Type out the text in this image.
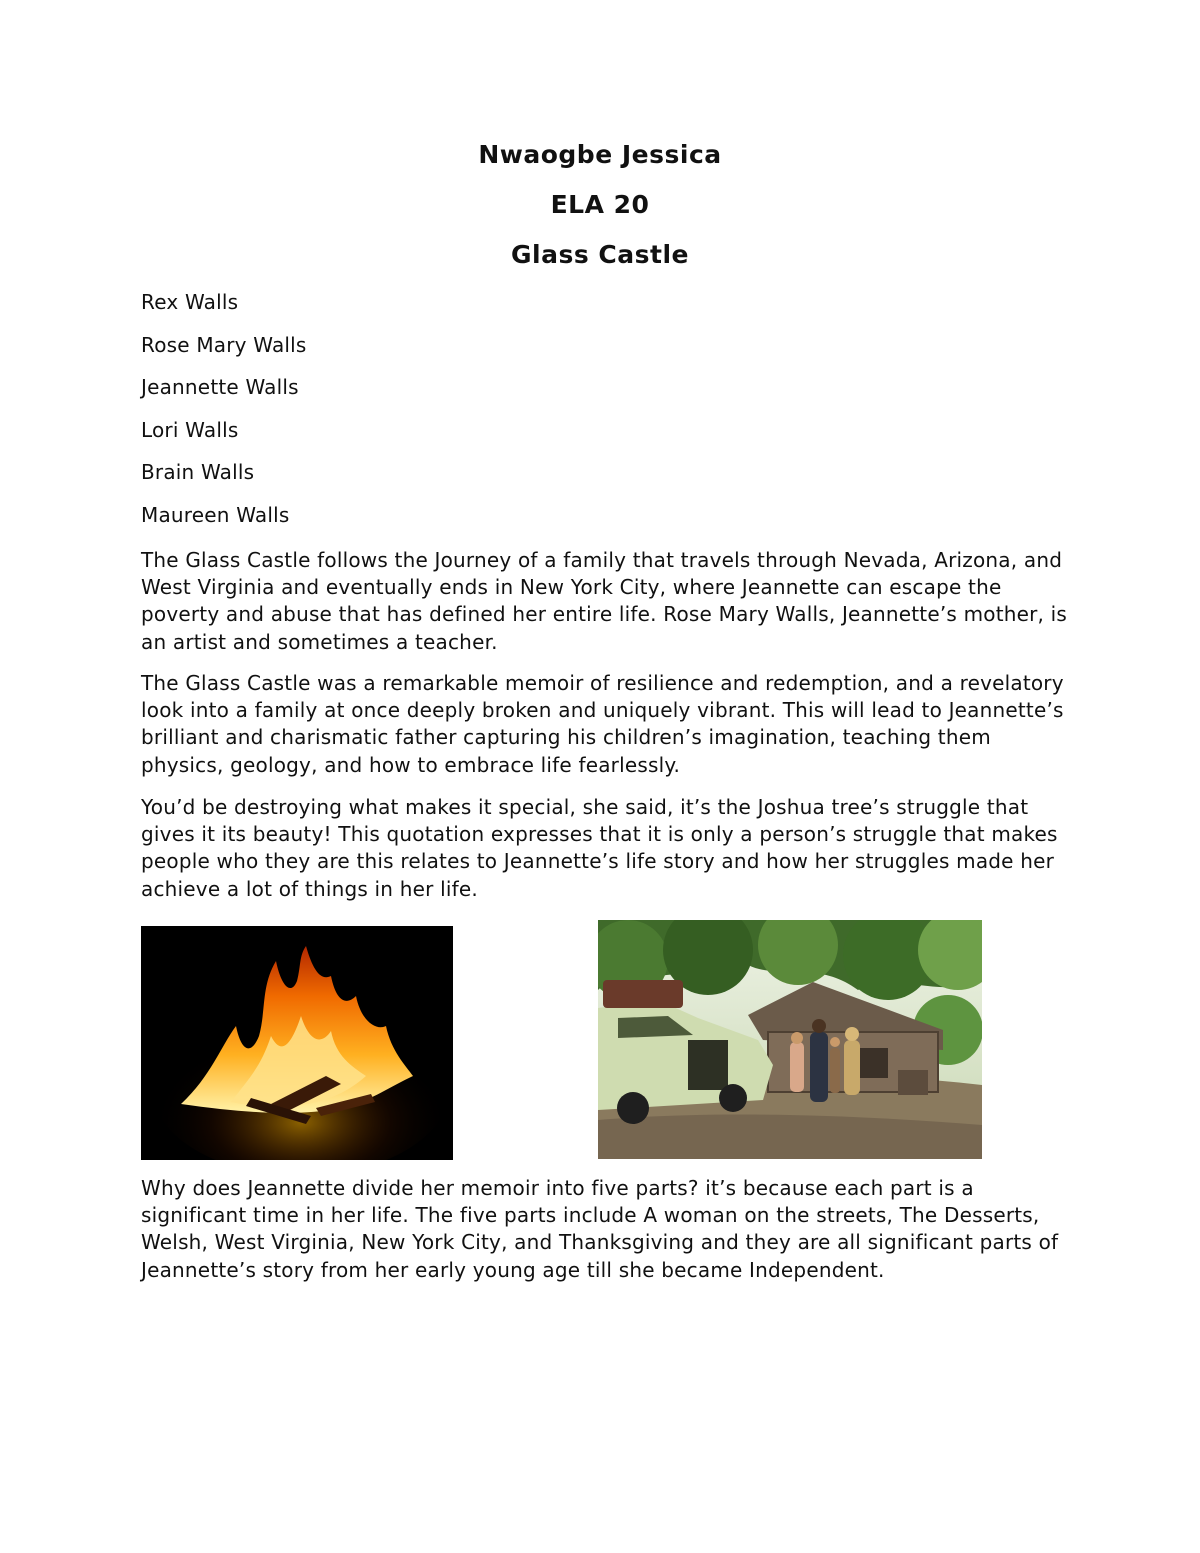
Nwaogbe Jessica

ELA 20

Glass Castle

Rex Walls
Rose Mary Walls
Jeannette Walls
Lori Walls
Brain Walls
Maureen Walls

The Glass Castle follows the Journey of a family that travels through Nevada, Arizona, and West Virginia and eventually ends in New York City, where Jeannette can escape the poverty and abuse that has defined her entire life. Rose Mary Walls, Jeannette’s mother, is an artist and sometimes a teacher.

The Glass Castle was a remarkable memoir of resilience and redemption, and a revelatory look into a family at once deeply broken and uniquely vibrant. This will lead to Jeannette’s brilliant and charismatic father capturing his children’s imagination, teaching them physics, geology, and how to embrace life fearlessly.

You’d be destroying what makes it special, she said, it’s the Joshua tree’s struggle that gives it its beauty! This quotation expresses that it is only a person’s struggle that makes people who they are this relates to Jeannette’s life story and how her struggles made her achieve a lot of things in her life.

Why does Jeannette divide her memoir into five parts? it’s because each part is a significant time in her life. The five parts include A woman on the streets, The Desserts, Welsh, West Virginia, New York City, and Thanksgiving and they are all significant parts of Jeannette’s story from her early young age till she became Independent.
